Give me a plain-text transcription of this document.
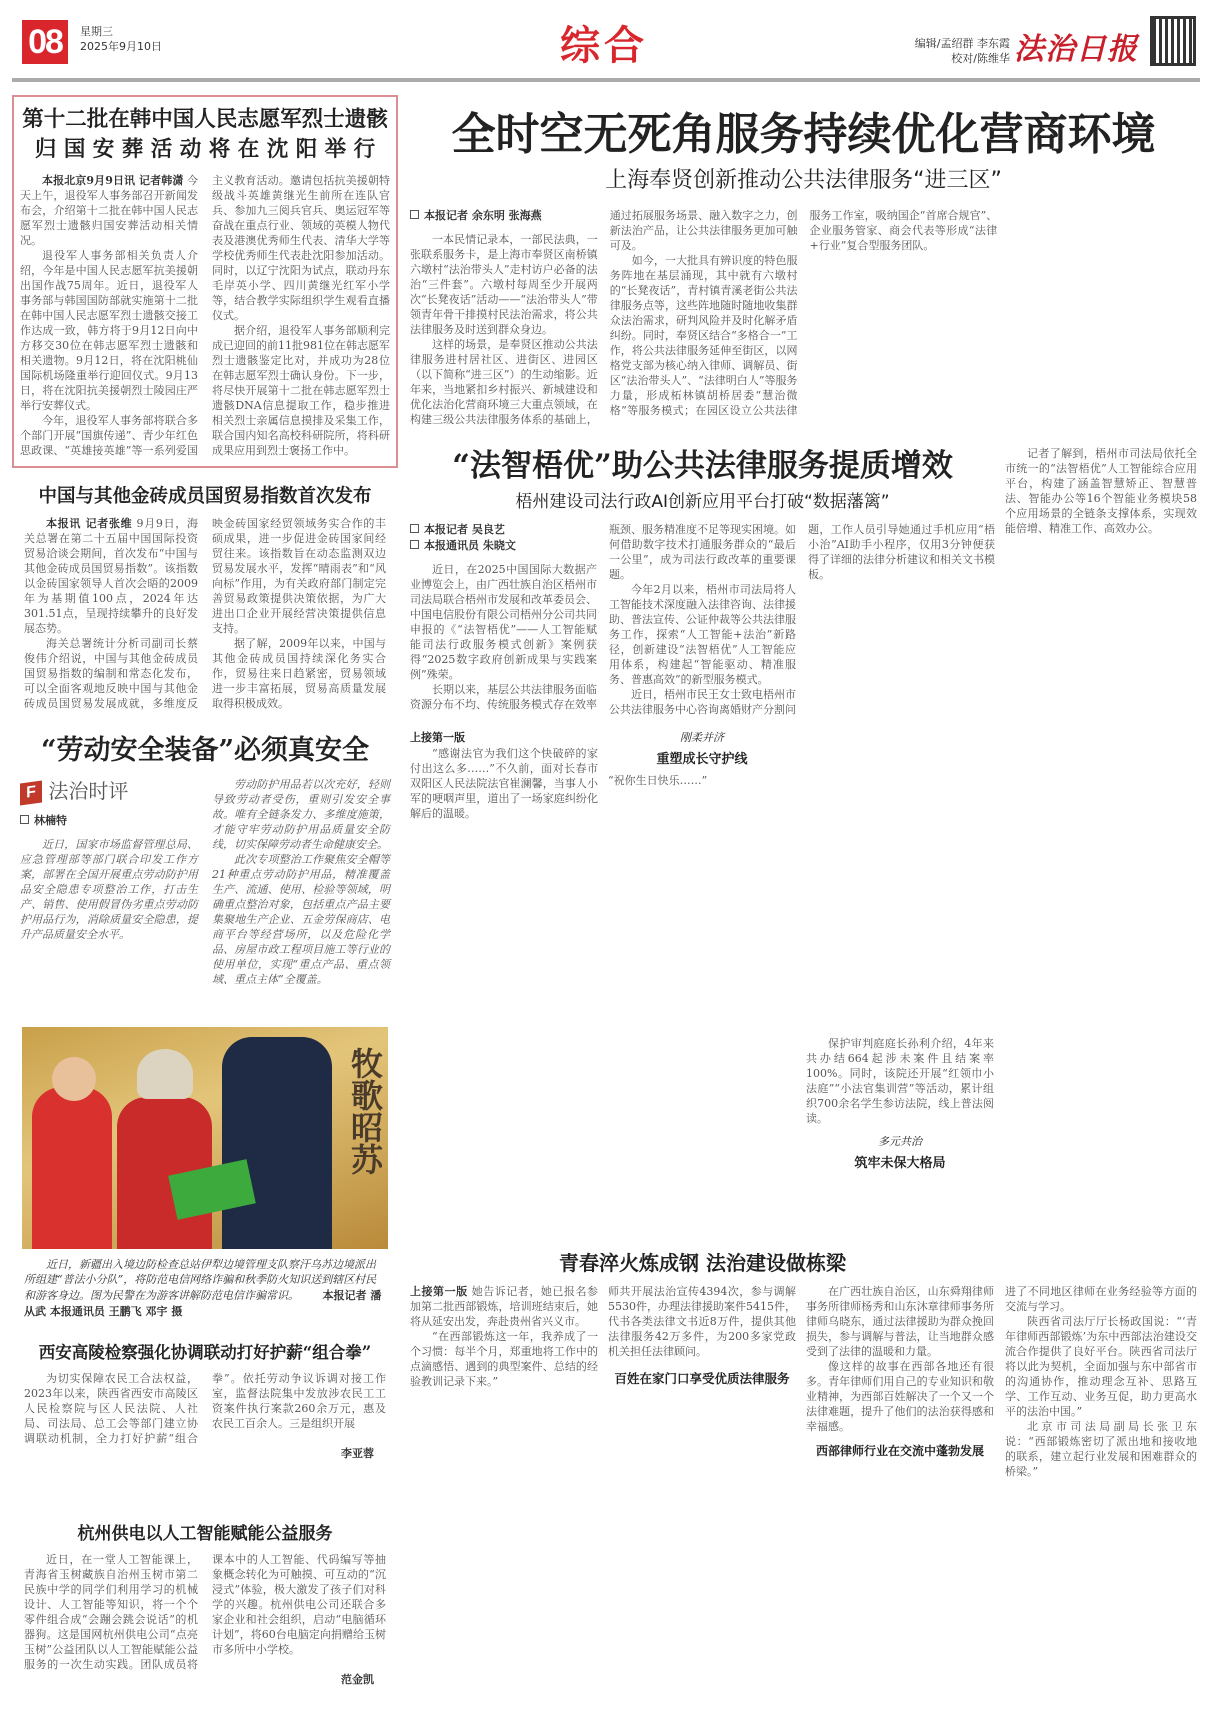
08	星期三
2025年9月10日	综合	编辑/孟绍群 李东霞
校对/陈维华 法治日报
第十二批在韩中国人民志愿军烈士遗骸
归 国 安 葬 活 动 将 在 沈 阳 举 行

本报北京9月9日讯 记者韩潇 今天上午，退役军人事务部召开新闻发布会，介绍第十二批在韩中国人民志愿军烈士遗骸归国安葬活动相关情况。

退役军人事务部相关负责人介绍，今年是中国人民志愿军抗美援朝出国作战75周年。近日，退役军人事务部与韩国国防部就实施第十二批在韩中国人民志愿军烈士遗骸交接工作达成一致，韩方将于9月12日向中方移交30位在韩志愿军烈士遗骸和相关遗物。9月12日，将在沈阳桃仙国际机场隆重举行迎回仪式。9月13日，将在沈阳抗美援朝烈士陵园庄严举行安葬仪式。

今年，退役军人事务部将联合多个部门开展“国旗传递”、青少年红色思政课、“英雄接英雄”等一系列爱国主义教育活动。邀请包括抗美援朝特级战斗英雄黄继光生前所在连队官兵、参加九三阅兵官兵、奥运冠军等奋战在重点行业、领域的英模人物代表及港澳优秀师生代表、清华大学等学校优秀师生代表赴沈阳参加活动。同时，以辽宁沈阳为试点，联动丹东毛岸英小学、四川黄继光红军小学等，结合教学实际组织学生观看直播仪式。

据介绍，退役军人事务部顺利完成已迎回的前11批981位在韩志愿军烈士遗骸鉴定比对，并成功为28位在韩志愿军烈士确认身份。下一步，将尽快开展第十二批在韩志愿军烈士遗骸DNA信息提取工作，稳步推进相关烈士亲属信息摸排及采集工作，联合国内知名高校科研院所，将科研成果应用到烈士褒扬工作中。

中国与其他金砖成员国贸易指数首次发布

本报讯 记者张维 9月9日，海关总署在第二十五届中国国际投资贸易洽谈会期间，首次发布“中国与其他金砖成员国贸易指数”。该指数以金砖国家领导人首次会晤的2009年为基期值100点，2024年达301.51点，呈现持续攀升的良好发展态势。

海关总署统计分析司副司长蔡俊伟介绍说，中国与其他金砖成员国贸易指数的编制和常态化发布，可以全面客观地反映中国与其他金砖成员国贸易发展成就，多维度反映金砖国家经贸领域务实合作的丰硕成果，进一步促进金砖国家间经贸往来。该指数旨在动态监测双边贸易发展水平，发挥“晴雨表”和“风向标”作用，为有关政府部门制定完善贸易政策提供决策依据，为广大进出口企业开展经营决策提供信息支持。

据了解，2009年以来，中国与其他金砖成员国持续深化务实合作，贸易往来日趋紧密，贸易领域进一步丰富拓展，贸易高质量发展取得积极成效。

“劳动安全装备”必须真安全
F 法治时评
林楠特

近日，国家市场监督管理总局、应急管理部等部门联合印发工作方案，部署在全国开展重点劳动防护用品安全隐患专项整治工作，打击生产、销售、使用假冒伪劣重点劳动防护用品行为，消除质量安全隐患，提升产品质量安全水平。

劳动防护用品若以次充好，轻则导致劳动者受伤，重则引发安全事故。唯有全链条发力、多维度施策，才能守牢劳动防护用品质量安全防线，切实保障劳动者生命健康安全。

此次专项整治工作聚焦安全帽等21种重点劳动防护用品，精准覆盖生产、流通、使用、检验等领域，明确重点整治对象，包括重点产品主要集聚地生产企业、五金劳保商店、电商平台等经营场所，以及危险化学品、房屋市政工程项目施工等行业的使用单位，实现“重点产品、重点领域、重点主体”全覆盖。

牧歌昭苏
近日，新疆出入境边防检查总站伊犁边境管理支队察汗乌苏边境派出所组建“普法小分队”，将防范电信网络诈骗和秋季防火知识送到辖区村民和游客身边。图为民警在为游客讲解防范电信诈骗常识。 本报记者 潘从武 本报通讯员 王鹏飞 邓宇 摄
西安高陵检察强化协调联动打好护薪“组合拳”

为切实保障农民工合法权益，2023年以来，陕西省西安市高陵区人民检察院与区人民法院、人社局、司法局、总工会等部门建立协调联动机制，全力打好护薪“组合拳”。依托劳动争议诉调对接工作室，监督法院集中发放涉农民工工资案件执行案款260余万元，惠及农民工百余人。三是组织开展

李亚蓉
杭州供电以人工智能赋能公益服务

近日，在一堂人工智能课上，青海省玉树藏族自治州玉树市第二民族中学的同学们利用学习的机械设计、人工智能等知识，将一个个零件组合成“会蹦会跳会说话”的机器狗。这是国网杭州供电公司“点亮玉树”公益团队以人工智能赋能公益服务的一次生动实践。团队成员将课本中的人工智能、代码编写等抽象概念转化为可触摸、可互动的“沉浸式”体验，极大激发了孩子们对科学的兴趣。杭州供电公司还联合多家企业和社会组织，启动“电脑循环计划”，将60台电脑定向捐赠给玉树市多所中小学校。

范金凯
全时空无死角服务持续优化营商环境
上海奉贤创新推动公共法律服务“进三区”
本报记者 余东明 张海燕

一本民情记录本，一部民法典，一张联系服务卡，是上海市奉贤区南桥镇六墩村“法治带头人”走村访户必备的法治“三件套”。六墩村每周至少开展两次“长凳夜话”活动——“法治带头人”带领青年骨干排摸村民法治需求，将公共法律服务及时送到群众身边。

这样的场景，是奉贤区推动公共法律服务进村居社区、进街区、进园区（以下简称“进三区”）的生动缩影。近年来，当地紧扣乡村振兴、新城建设和优化法治化营商环境三大重点领域，在构建三级公共法律服务体系的基础上，通过拓展服务场景、融入数字之力，创新法治产品，让公共法律服务更加可触可及。

如今，一大批具有辨识度的特色服务阵地在基层涌现，其中就有六墩村的“长凳夜话”，青村镇青溪老街公共法律服务点等，这些阵地随时随地收集群众法治需求，研判风险并及时化解矛盾纠纷。同时，奉贤区结合“多格合一”工作，将公共法律服务延伸至街区，以网格党支部为核心纳入律师、调解员、街区“法治带头人”、“法律明白人”等服务力量，形成柘林镇胡桥居委“慧治微格”等服务模式；在园区设立公共法律服务工作室，吸纳国企“首席合规官”、企业服务管家、商会代表等形成“法律+行业”复合型服务团队。

“法智梧优”助公共法律服务提质增效
梧州建设司法行政AI创新应用平台打破“数据藩篱”
本报记者 吴良艺
本报通讯员 朱晓文

近日，在2025中国国际大数据产业博览会上，由广西壮族自治区梧州市司法局联合梧州市发展和改革委员会、中国电信股份有限公司梧州分公司共同申报的《“法智梧优”——人工智能赋能司法行政服务模式创新》案例获得“2025数字政府创新成果与实践案例”殊荣。

长期以来，基层公共法律服务面临资源分布不均、传统服务模式存在效率瓶颈、服务精准度不足等现实困境。如何借助数字技术打通服务群众的“最后一公里”，成为司法行政改革的重要课题。

今年2月以来，梧州市司法局将人工智能技术深度融入法律咨询、法律援助、普法宣传、公证仲裁等公共法律服务工作，探索“人工智能+法治”新路径，创新建设“法智梧优”人工智能应用体系，构建起“智能驱动、精准服务、普惠高效”的新型服务模式。

近日，梧州市民王女士致电梧州市公共法律服务中心咨询离婚财产分割问题，工作人员引导她通过手机应用“梧小治”AI助手小程序，仅用3分钟便获得了详细的法律分析建议和相关文书模板。

记者了解到，梧州市司法局依托全市统一的“法智梧优”人工智能综合应用平台，构建了涵盖智慧矫正、智慧普法、智能办公等16个智能业务模块58个应用场景的全链条支撑体系，实现效能倍增、精准工作、高效办公。

上接第一版

“感谢法官为我们这个快破碎的家付出这么多……”不久前，面对长春市双阳区人民法院法官崔澜馨，当事人小军的哽咽声里，道出了一场家庭纠纷化解后的温暖。

刚柔并济
重塑成长守护线

“祝你生日快乐……”

保护审判庭庭长孙利介绍，4年来共办结664起涉未案件且结案率100%。同时，该院还开展“红领巾小法庭”“小法官集训营”等活动，累计组织700余名学生参访法院，线上普法阅读。

多元共治
筑牢未保大格局
青春淬火炼成钢 法治建设做栋梁

上接第一版 她告诉记者，她已报名参加第二批西部锻炼，培训班结束后，她将从延安出发，奔赴贵州省兴义市。

“在西部锻炼这一年，我养成了一个习惯：每半个月，郑重地将工作中的点滴感悟、遇到的典型案件、总结的经验教训记录下来。”

师共开展法治宣传4394次，参与调解5530件，办理法律援助案件5415件，代书各类法律文书近8万件，提供其他法律服务42万多件，为200多家党政机关担任法律顾问。

百姓在家门口享受优质法律服务

在广西壮族自治区，山东舜翔律师事务所律师杨秀和山东沐章律师事务所律师乌晓东，通过法律援助为群众挽回损失，参与调解与普法，让当地群众感受到了法律的温暖和力量。

像这样的故事在西部各地还有很多。青年律师们用自己的专业知识和敬业精神，为西部百姓解决了一个又一个法律难题，提升了他们的法治获得感和幸福感。

西部律师行业在交流中蓬勃发展

进了不同地区律师在业务经验等方面的交流与学习。

陕西省司法厅厅长杨政国说：“‘青年律师西部锻炼’为东中西部法治建设交流合作提供了良好平台。陕西省司法厅将以此为契机，全面加强与东中部省市的沟通协作，推动理念互补、思路互学、工作互动、业务互促，助力更高水平的法治中国。”

北京市司法局副局长张卫东说：“西部锻炼密切了派出地和接收地的联系，建立起行业发展和困难群众的桥梁。”
